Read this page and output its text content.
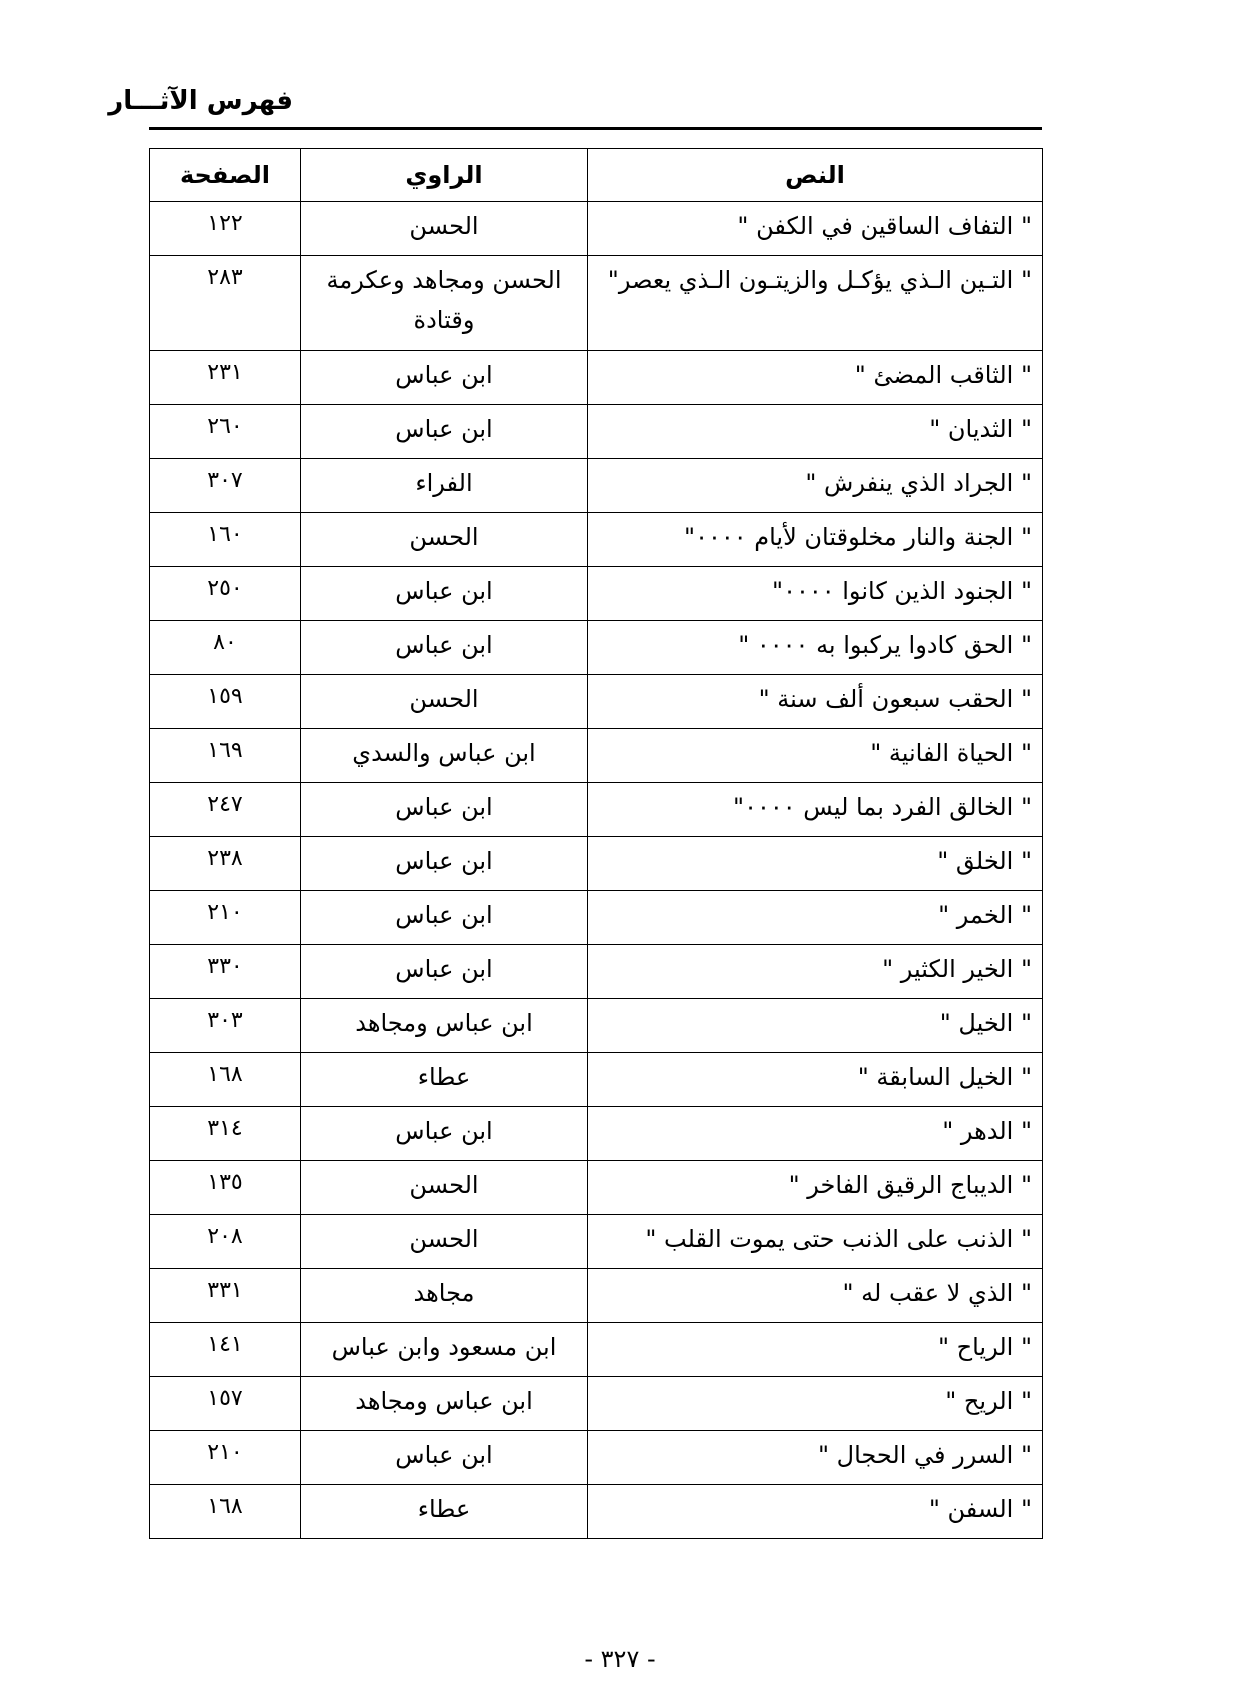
فهرس الآثـــار
النص	الراوي	الصفحة

" التفاف الساقين في الكفن "	الحسن	١٢٢

" التـين الـذي يؤكـل والزيتـون الـذي يعصر"	الحسن ومجاهد وعكرمة وقتادة	٢٨٣

" الثاقب المضئ "	ابن عباس	٢٣١

" الثديان "	ابن عباس	٢٦٠

" الجراد الذي ينفرش "	الفراء	٣٠٧

" الجنة والنار مخلوقتان لأيام ٠٠٠٠"	الحسن	١٦٠

" الجنود الذين كانوا ٠٠٠٠"	ابن عباس	٢٥٠

" الحق كادوا يركبوا به ٠٠٠٠ "	ابن عباس	٨٠

" الحقب سبعون ألف سنة "	الحسن	١٥٩

" الحياة الفانية "	ابن عباس والسدي	١٦٩

" الخالق الفرد بما ليس ٠٠٠٠"	ابن عباس	٢٤٧

" الخلق "	ابن عباس	٢٣٨

" الخمر "	ابن عباس	٢١٠

" الخير الكثير "	ابن عباس	٣٣٠

" الخيل "	ابن عباس ومجاهد	٣٠٣

" الخيل السابقة "	عطاء	١٦٨

" الدهر "	ابن عباس	٣١٤

" الديباج الرقيق الفاخر "	الحسن	١٣٥

" الذنب على الذنب حتى يموت القلب "	الحسن	٢٠٨

" الذي لا عقب له "	مجاهد	٣٣١

" الرياح "	ابن مسعود وابن عباس	١٤١

" الريح "	ابن عباس ومجاهد	١٥٧

" السرر في الحجال "	ابن عباس	٢١٠

" السفن "	عطاء	١٦٨
- ٣٢٧ -
